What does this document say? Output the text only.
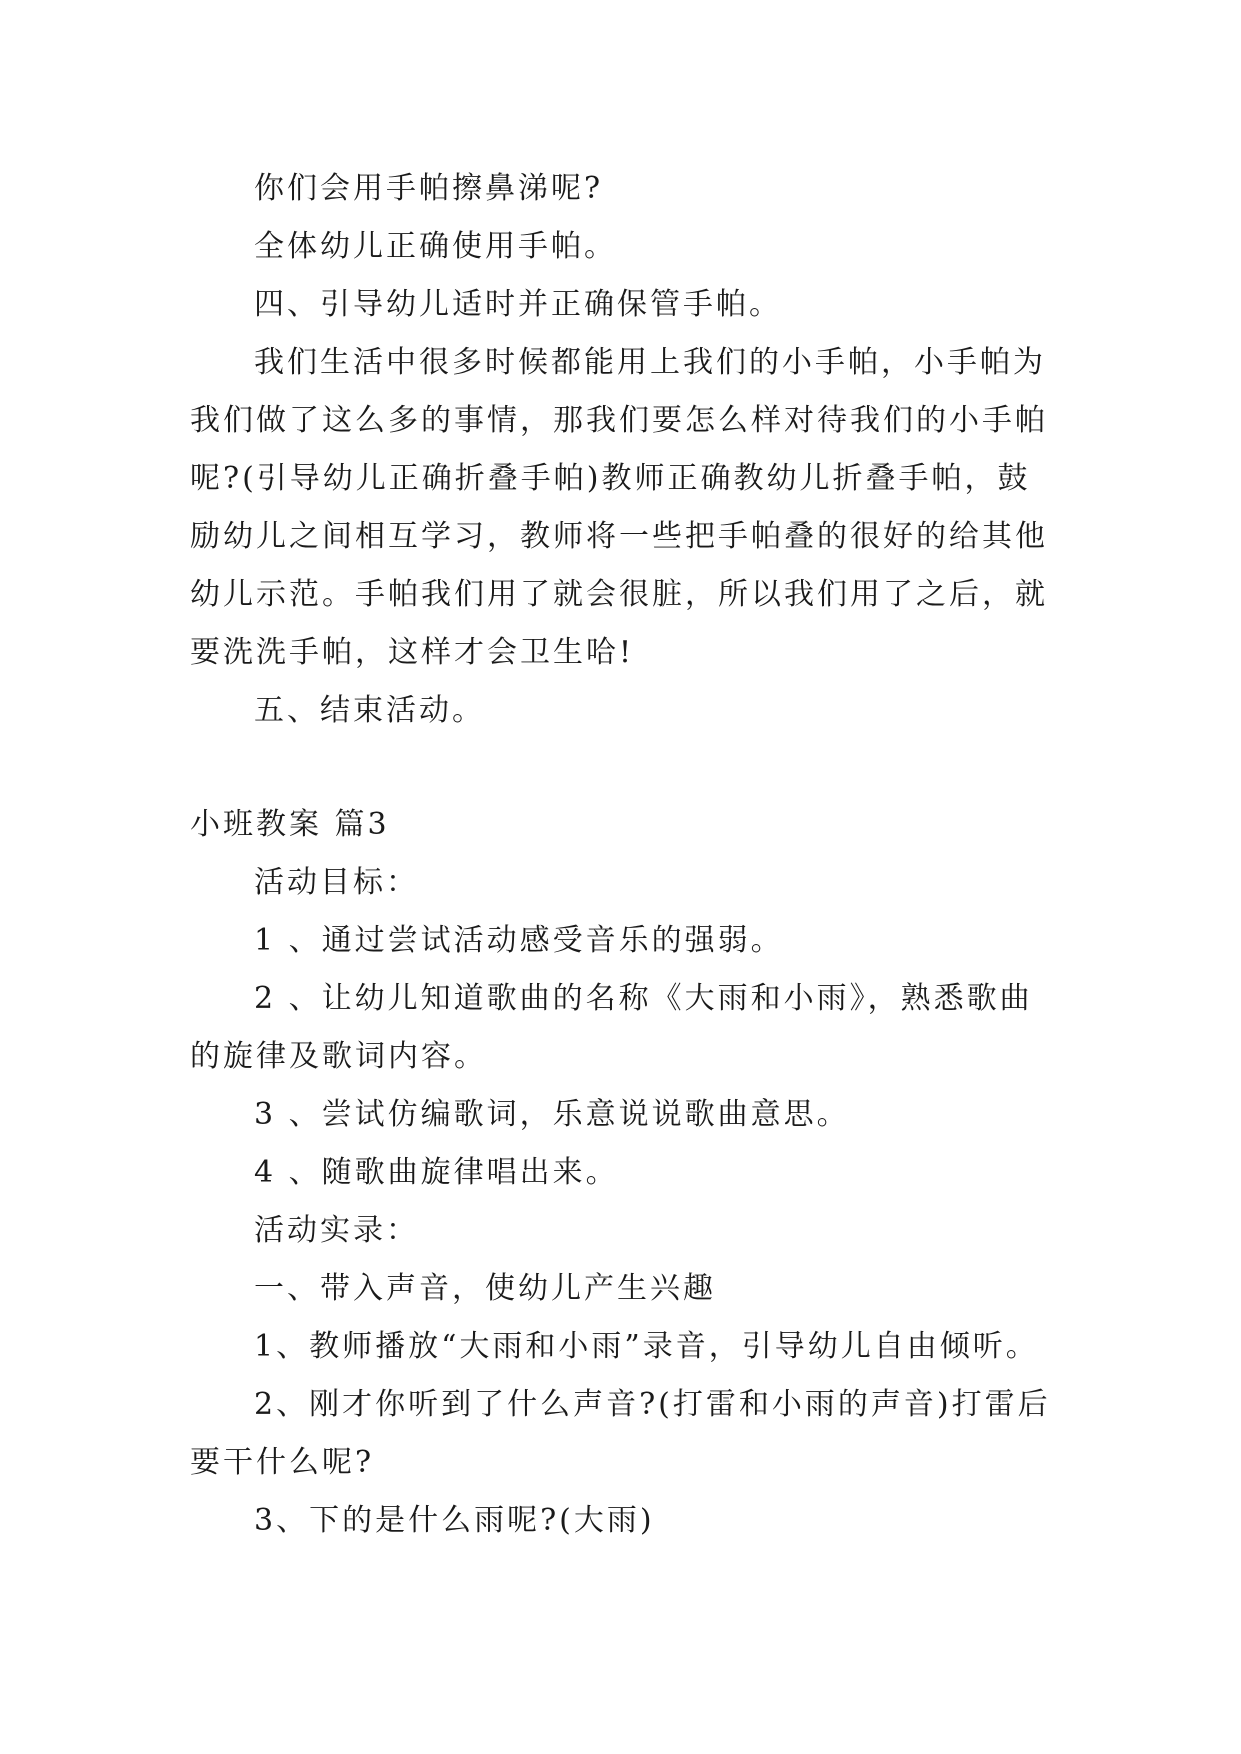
你们会用手帕擦鼻涕呢?

全体幼儿正确使用手帕。

四、引导幼儿适时并正确保管手帕。

我们生活中很多时候都能用上我们的小手帕，小手帕为我们做了这么多的事情，那我们要怎么样对待我们的小手帕呢?(引导幼儿正确折叠手帕)教师正确教幼儿折叠手帕，鼓励幼儿之间相互学习，教师将一些把手帕叠的很好的给其他幼儿示范。手帕我们用了就会很脏，所以我们用了之后，就要洗洗手帕，这样才会卫生哈!

五、结束活动。

小班教案 篇3

活动目标：

1 、通过尝试活动感受音乐的强弱。

2 、让幼儿知道歌曲的名称《大雨和小雨》，熟悉歌曲的旋律及歌词内容。

3 、尝试仿编歌词，乐意说说歌曲意思。

4 、随歌曲旋律唱出来。

活动实录：

一、带入声音，使幼儿产生兴趣

1、教师播放“大雨和小雨”录音，引导幼儿自由倾听。

2、刚才你听到了什么声音?(打雷和小雨的声音)打雷后要干什么呢?

3、下的是什么雨呢?(大雨)
